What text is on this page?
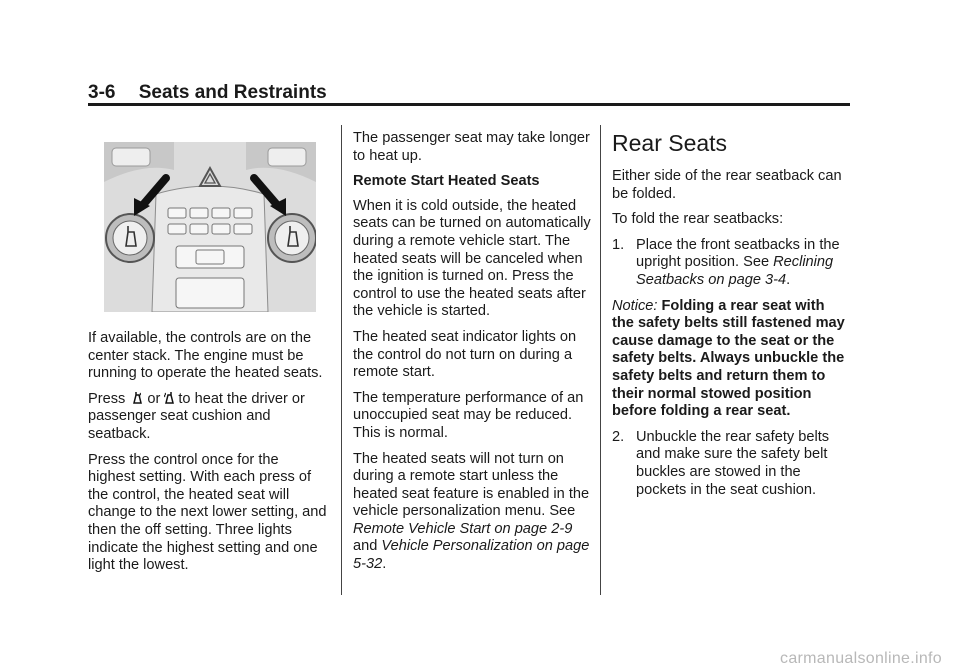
3-6 Seats and Restraints

If available, the controls are on the center stack. The engine must be running to operate the heated seats.

Press or to heat the driver or passenger seat cushion and seatback.

Press the control once for the highest setting. With each press of the control, the heated seat will change to the next lower setting, and then the off setting. Three lights indicate the highest setting and one light the lowest.

The passenger seat may take longer to heat up.

Remote Start Heated Seats

When it is cold outside, the heated seats can be turned on automatically during a remote vehicle start. The heated seats will be canceled when the ignition is turned on. Press the control to use the heated seats after the vehicle is started.

The heated seat indicator lights on the control do not turn on during a remote start.

The temperature performance of an unoccupied seat may be reduced. This is normal.

The heated seats will not turn on during a remote start unless the heated seat feature is enabled in the vehicle personalization menu. See Remote Vehicle Start on page 2-9 and Vehicle Personalization on page 5-32.

Rear Seats

Either side of the rear seatback can be folded.

To fold the rear seatbacks:

1. Place the front seatbacks in the upright position. See Reclining Seatbacks on page 3-4.

Notice: Folding a rear seat with the safety belts still fastened may cause damage to the seat or the safety belts. Always unbuckle the safety belts and return them to their normal stowed position before folding a rear seat.

2. Unbuckle the rear safety belts and make sure the safety belt buckles are stowed in the pockets in the seat cushion.
carmanualsonline.info
